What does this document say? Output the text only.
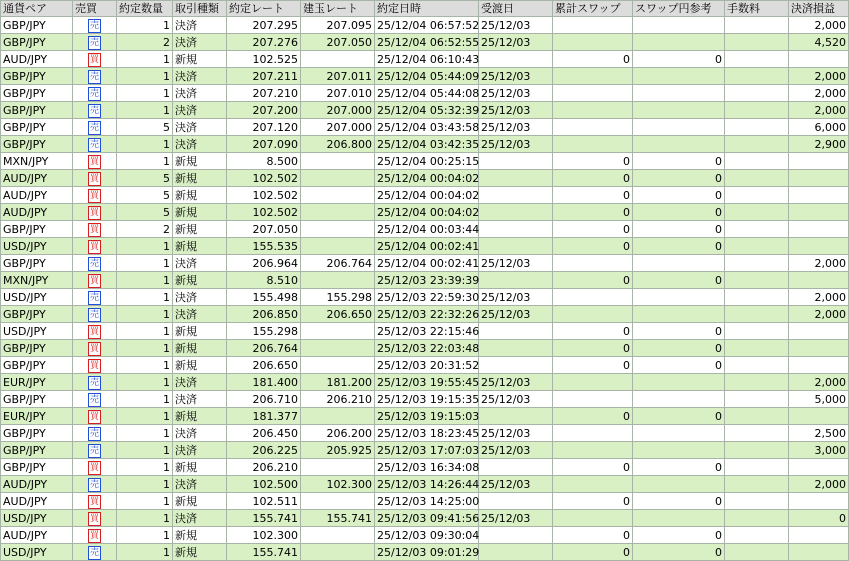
通貨ペア	売買	約定数量	取引種類	約定レート	建玉レート	約定日時	受渡日	累計スワップ	スワップ円参考	手数料	決済損益
GBP/JPY	売	1	決済	207.295	207.095	25/12/04 06:57:52	25/12/03				2,000
GBP/JPY	売	2	決済	207.276	207.050	25/12/04 06:52:55	25/12/03				4,520
AUD/JPY	買	1	新規	102.525		25/12/04 06:10:43		0	0		
GBP/JPY	売	1	決済	207.211	207.011	25/12/04 05:44:09	25/12/03				2,000
GBP/JPY	売	1	決済	207.210	207.010	25/12/04 05:44:08	25/12/03				2,000
GBP/JPY	売	1	決済	207.200	207.000	25/12/04 05:32:39	25/12/03				2,000
GBP/JPY	売	5	決済	207.120	207.000	25/12/04 03:43:58	25/12/03				6,000
GBP/JPY	売	1	決済	207.090	206.800	25/12/04 03:42:35	25/12/03				2,900
MXN/JPY	買	1	新規	8.500		25/12/04 00:25:15		0	0		
AUD/JPY	買	5	新規	102.502		25/12/04 00:04:02		0	0		
AUD/JPY	買	5	新規	102.502		25/12/04 00:04:02		0	0		
AUD/JPY	買	5	新規	102.502		25/12/04 00:04:02		0	0		
GBP/JPY	買	2	新規	207.050		25/12/04 00:03:44		0	0		
USD/JPY	買	1	新規	155.535		25/12/04 00:02:41		0	0		
GBP/JPY	売	1	決済	206.964	206.764	25/12/04 00:02:41	25/12/03				2,000
MXN/JPY	買	1	新規	8.510		25/12/03 23:39:39		0	0		
USD/JPY	売	1	決済	155.498	155.298	25/12/03 22:59:30	25/12/03				2,000
GBP/JPY	売	1	決済	206.850	206.650	25/12/03 22:32:26	25/12/03				2,000
USD/JPY	買	1	新規	155.298		25/12/03 22:15:46		0	0		
GBP/JPY	買	1	新規	206.764		25/12/03 22:03:48		0	0		
GBP/JPY	買	1	新規	206.650		25/12/03 20:31:52		0	0		
EUR/JPY	売	1	決済	181.400	181.200	25/12/03 19:55:45	25/12/03				2,000
GBP/JPY	売	1	決済	206.710	206.210	25/12/03 19:15:35	25/12/03				5,000
EUR/JPY	買	1	新規	181.377		25/12/03 19:15:03		0	0		
GBP/JPY	売	1	決済	206.450	206.200	25/12/03 18:23:45	25/12/03				2,500
GBP/JPY	売	1	決済	206.225	205.925	25/12/03 17:07:03	25/12/03				3,000
GBP/JPY	買	1	新規	206.210		25/12/03 16:34:08		0	0		
AUD/JPY	売	1	決済	102.500	102.300	25/12/03 14:26:44	25/12/03				2,000
AUD/JPY	買	1	新規	102.511		25/12/03 14:25:00		0	0		
USD/JPY	買	1	決済	155.741	155.741	25/12/03 09:41:56	25/12/03				0
AUD/JPY	買	1	新規	102.300		25/12/03 09:30:04		0	0		
USD/JPY	売	1	新規	155.741		25/12/03 09:01:29		0	0		
